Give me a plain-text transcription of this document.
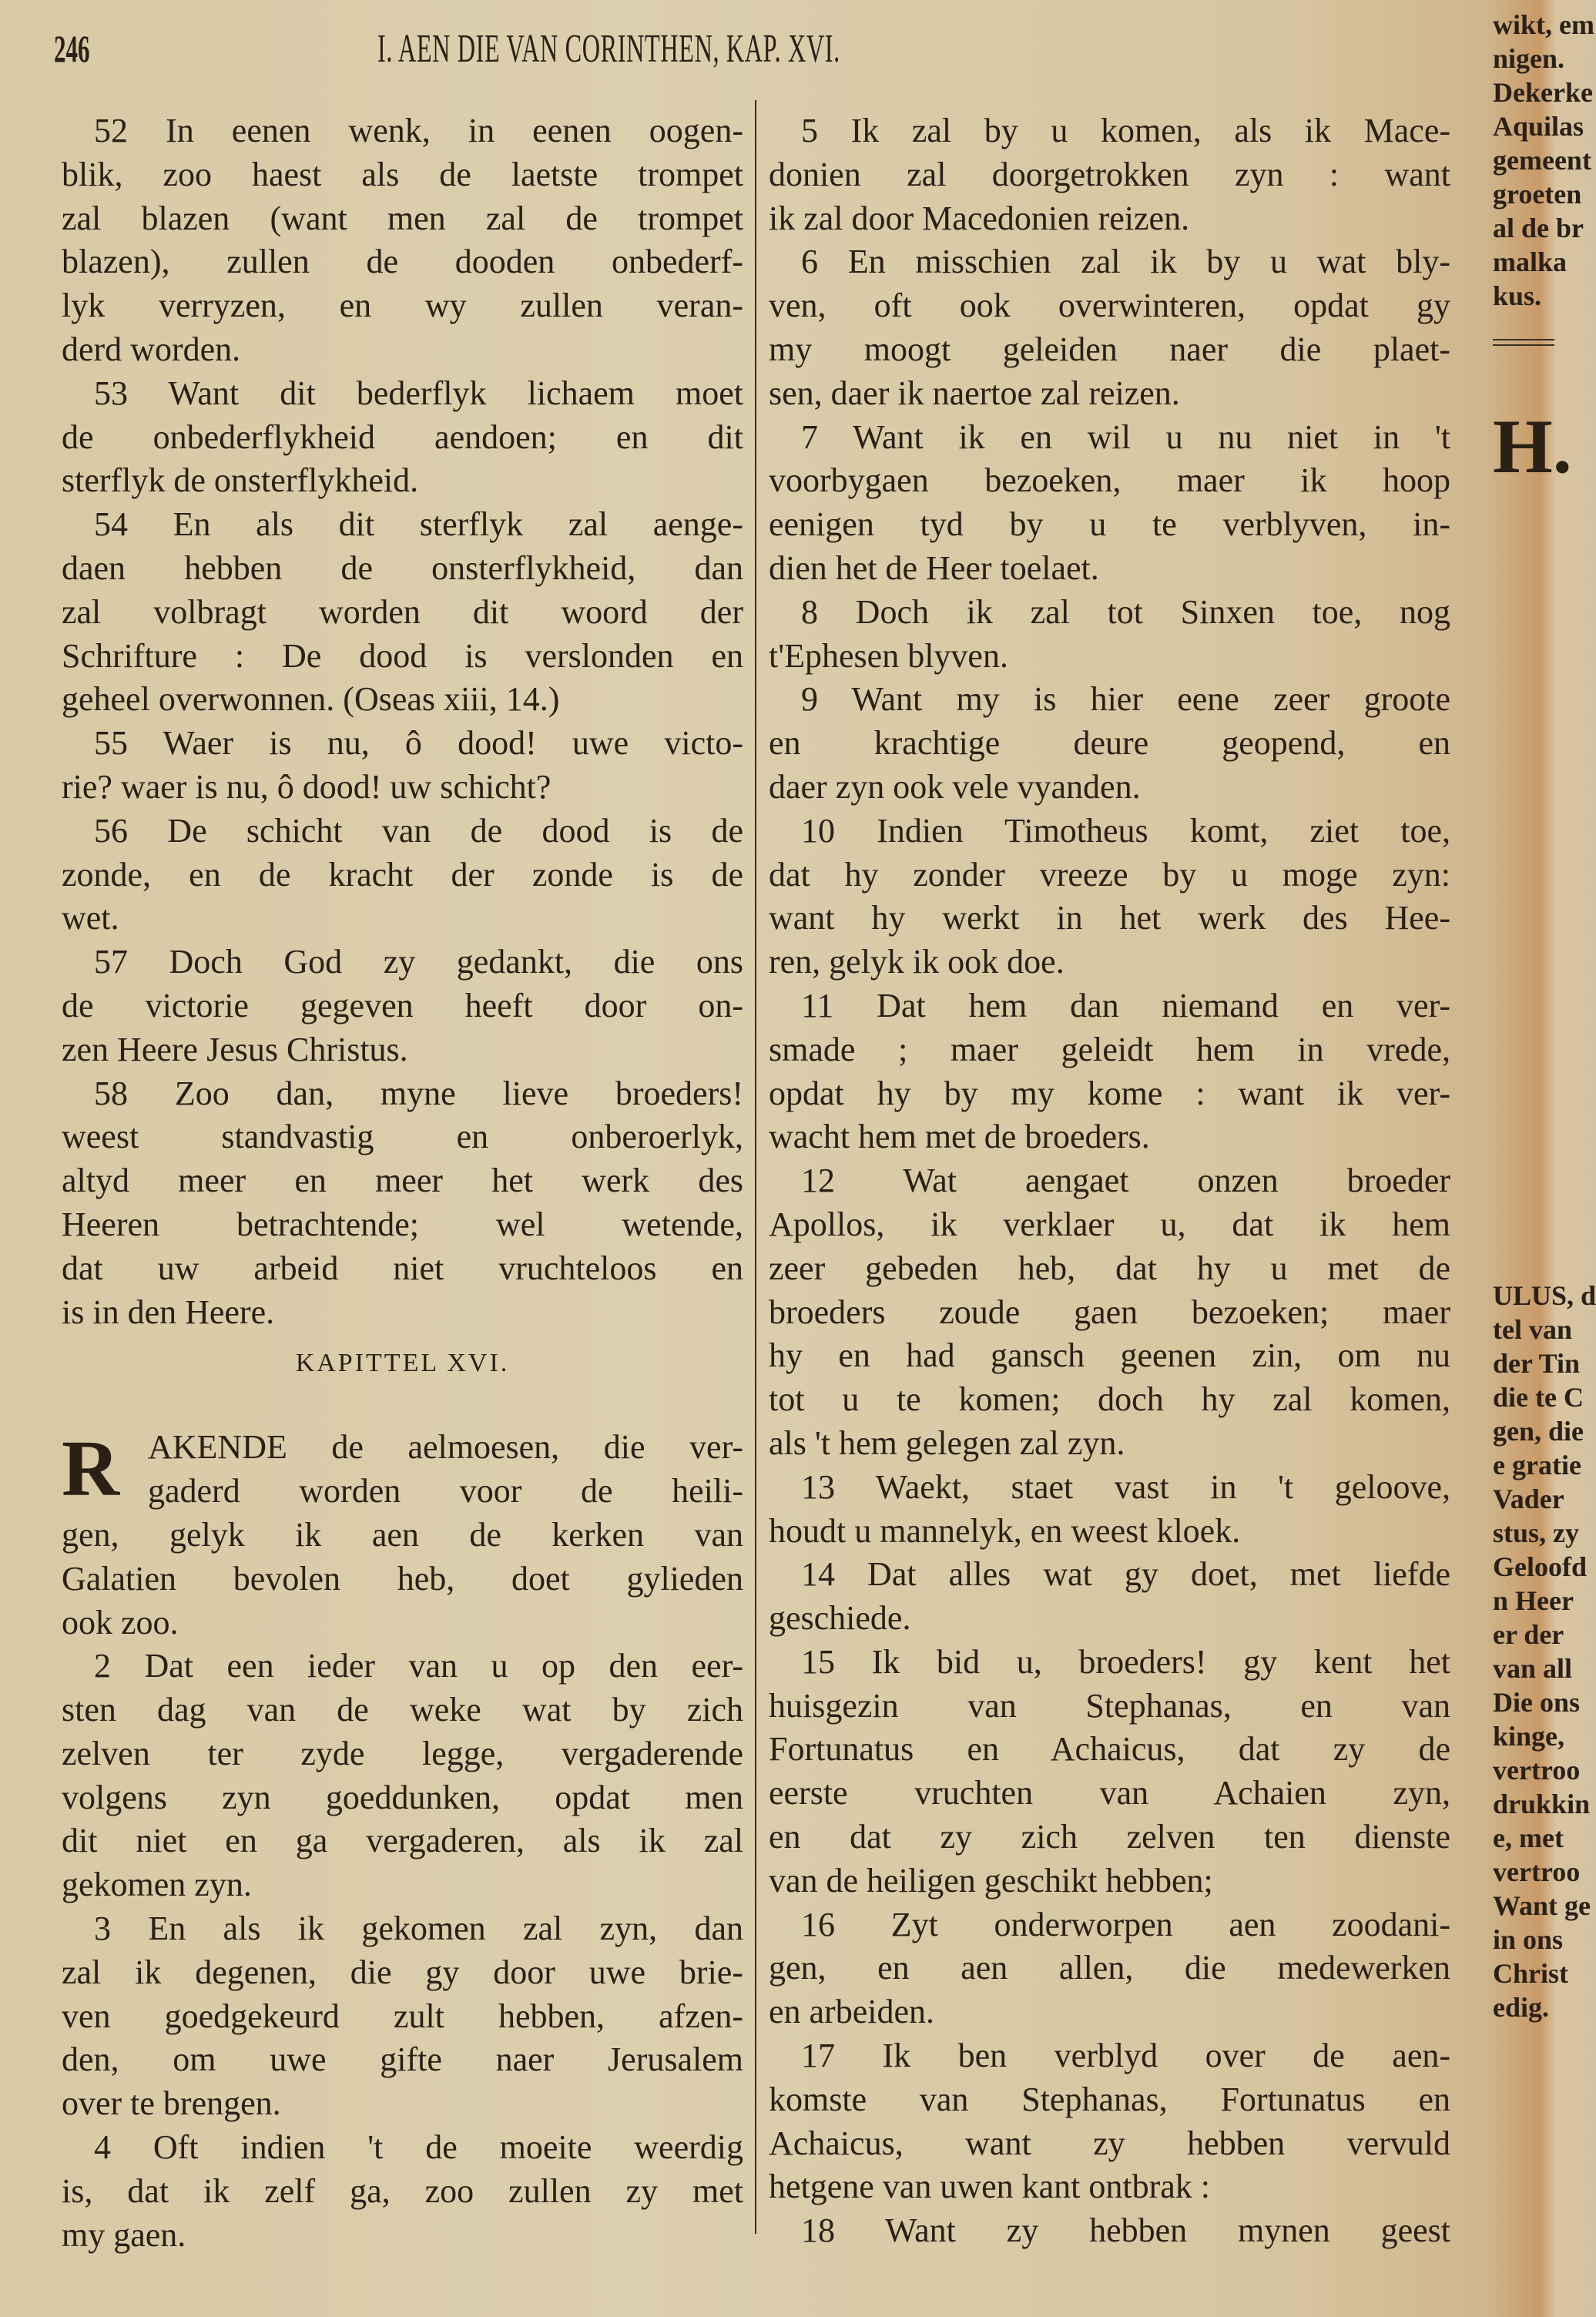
246	I. AEN DIE VAN CORINTHEN, KAP. XVI.
52 In eenen wenk, in eenen oogen-
blik, zoo haest als de laetste trompet
zal blazen (want men zal de trompet
blazen), zullen de dooden onbederf-
lyk verryzen, en wy zullen veran-
derd worden.
53 Want dit bederflyk lichaem moet
de onbederflykheid aendoen; en dit
sterflyk de onsterflykheid.
54 En als dit sterflyk zal aenge-
daen hebben de onsterflykheid, dan
zal volbragt worden dit woord der
Schrifture : De dood is verslonden en
geheel overwonnen. (Oseas xiii, 14.)
55 Waer is nu, ô dood! uwe victo-
rie? waer is nu, ô dood! uw schicht?
56 De schicht van de dood is de
zonde, en de kracht der zonde is de
wet.
57 Doch God zy gedankt, die ons
de victorie gegeven heeft door on-
zen Heere Jesus Christus.
58 Zoo dan, myne lieve broeders!
weest standvastig en onberoerlyk,
altyd meer en meer het werk des
Heeren betrachtende; wel wetende,
dat uw arbeid niet vruchteloos en
is in den Heere.
KAPITTEL XVI.
R AKENDE de aelmoesen, die ver-
gaderd worden voor de heili-
gen, gelyk ik aen de kerken van
Galatien bevolen heb, doet gylieden
ook zoo.
2 Dat een ieder van u op den eer-
sten dag van de weke wat by zich
zelven ter zyde legge, vergaderende
volgens zyn goeddunken, opdat men
dit niet en ga vergaderen, als ik zal
gekomen zyn.
3 En als ik gekomen zal zyn, dan
zal ik degenen, die gy door uwe brie-
ven goedgekeurd zult hebben, afzen-
den, om uwe gifte naer Jerusalem
over te brengen.
4 Oft indien 't de moeite weerdig
is, dat ik zelf ga, zoo zullen zy met
my gaen.
5 Ik zal by u komen, als ik Mace-
donien zal doorgetrokken zyn : want
ik zal door Macedonien reizen.
6 En misschien zal ik by u wat bly-
ven, oft ook overwinteren, opdat gy
my moogt geleiden naer die plaet-
sen, daer ik naertoe zal reizen.
7 Want ik en wil u nu niet in 't
voorbygaen bezoeken, maer ik hoop
eenigen tyd by u te verblyven, in-
dien het de Heer toelaet.
8 Doch ik zal tot Sinxen toe, nog
t'Ephesen blyven.
9 Want my is hier eene zeer groote
en krachtige deure geopend, en
daer zyn ook vele vyanden.
10 Indien Timotheus komt, ziet toe,
dat hy zonder vreeze by u moge zyn:
want hy werkt in het werk des Hee-
ren, gelyk ik ook doe.
11 Dat hem dan niemand en ver-
smade ; maer geleidt hem in vrede,
opdat hy by my kome : want ik ver-
wacht hem met de broeders.
12 Wat aengaet onzen broeder
Apollos, ik verklaer u, dat ik hem
zeer gebeden heb, dat hy u met de
broeders zoude gaen bezoeken; maer
hy en had gansch geenen zin, om nu
tot u te komen; doch hy zal komen,
als 't hem gelegen zal zyn.
13 Waekt, staet vast in 't geloove,
houdt u mannelyk, en weest kloek.
14 Dat alles wat gy doet, met liefde
geschiede.
15 Ik bid u, broeders! gy kent het
huisgezin van Stephanas, en van
Fortunatus en Achaicus, dat zy de
eerste vruchten van Achaien zyn,
en dat zy zich zelven ten dienste
van de heiligen geschikt hebben;
16 Zyt onderworpen aen zoodani-
gen, en aen allen, die medewerken
en arbeiden.
17 Ik ben verblyd over de aen-
komste van Stephanas, Fortunatus en
Achaicus, want zy hebben vervuld
hetgene van uwen kant ontbrak :
18 Want zy hebben mynen geest
wikt, em
nigen.
Dekerke
Aquilas
gemeent
groeten
al de br
malka
kus.
H.
ULUS, d
tel van
der Tin
die te C
gen, die
e gratie
Vader
stus, zy
Geloofd
n Heer
er der
van all
Die ons
kinge,
vertroo
drukkin
e, met
vertroo
Want ge
in ons
Christ
edig.
